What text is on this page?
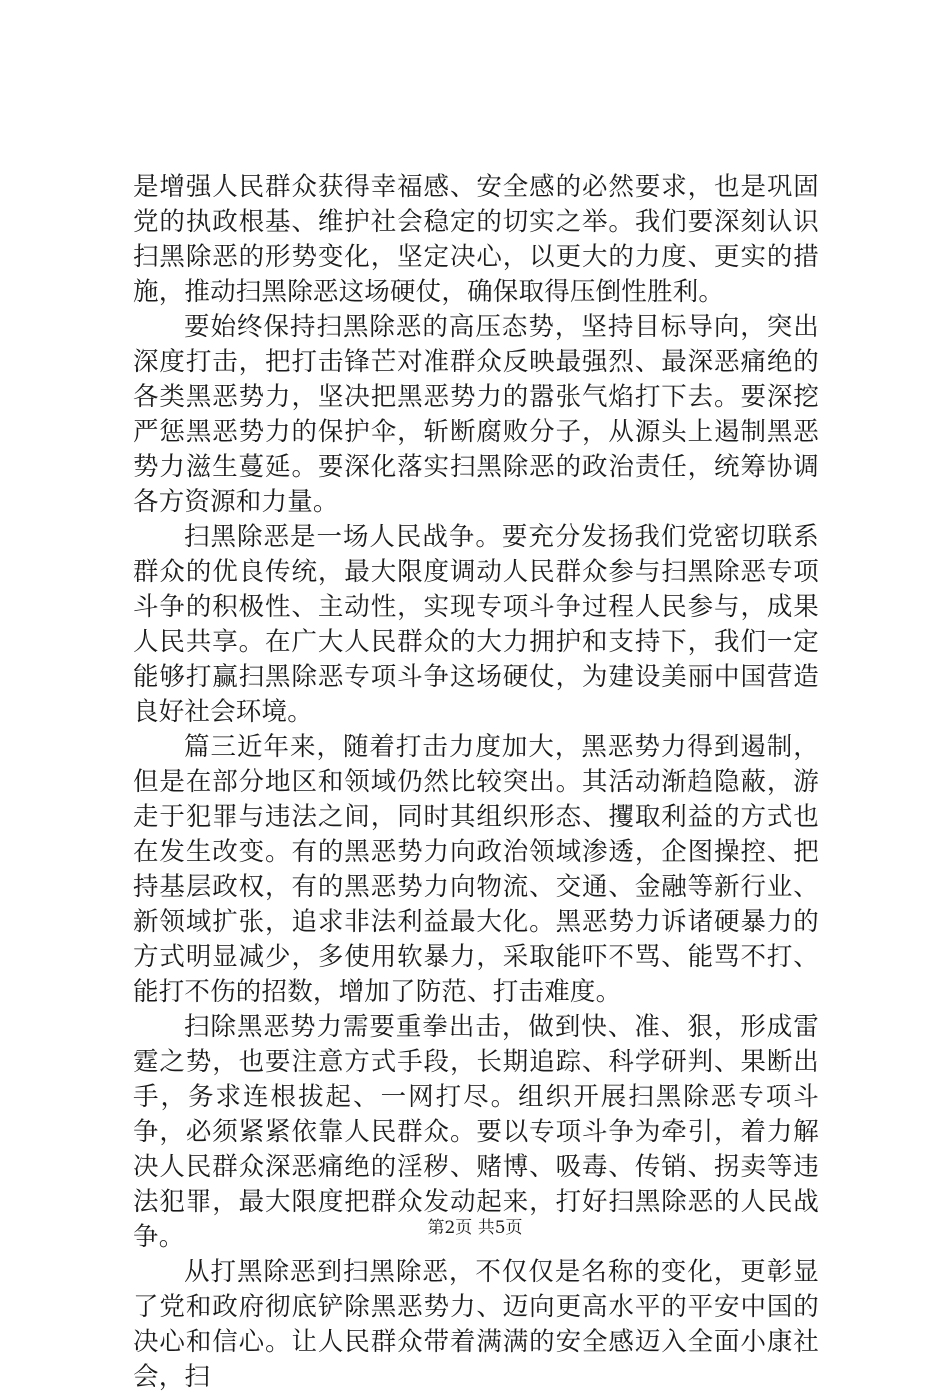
是增强人民群众获得幸福感、安全感的必然要求，也是巩固党的执政根基、维护社会稳定的切实之举。我们要深刻认识扫黑除恶的形势变化，坚定决心，以更大的力度、更实的措施，推动扫黑除恶这场硬仗，确保取得压倒性胜利。

要始终保持扫黑除恶的高压态势，坚持目标导向，突出深度打击，把打击锋芒对准群众反映最强烈、最深恶痛绝的各类黑恶势力，坚决把黑恶势力的嚣张气焰打下去。要深挖严惩黑恶势力的保护伞，斩断腐败分子，从源头上遏制黑恶势力滋生蔓延。要深化落实扫黑除恶的政治责任，统筹协调各方资源和力量。

扫黑除恶是一场人民战争。要充分发扬我们党密切联系群众的优良传统，最大限度调动人民群众参与扫黑除恶专项斗争的积极性、主动性，实现专项斗争过程人民参与，成果人民共享。在广大人民群众的大力拥护和支持下，我们一定能够打赢扫黑除恶专项斗争这场硬仗，为建设美丽中国营造良好社会环境。

篇三近年来，随着打击力度加大，黑恶势力得到遏制，但是在部分地区和领域仍然比较突出。其活动渐趋隐蔽，游走于犯罪与违法之间，同时其组织形态、攫取利益的方式也在发生改变。有的黑恶势力向政治领域渗透，企图操控、把持基层政权，有的黑恶势力向物流、交通、金融等新行业、新领域扩张，追求非法利益最大化。黑恶势力诉诸硬暴力的方式明显减少，多使用软暴力，采取能吓不骂、能骂不打、能打不伤的招数，增加了防范、打击难度。

扫除黑恶势力需要重拳出击，做到快、准、狠，形成雷霆之势，也要注意方式手段，长期追踪、科学研判、果断出手，务求连根拔起、一网打尽。组织开展扫黑除恶专项斗争，必须紧紧依靠人民群众。要以专项斗争为牵引，着力解决人民群众深恶痛绝的淫秽、赌博、吸毒、传销、拐卖等违法犯罪，最大限度把群众发动起来，打好扫黑除恶的人民战争。

从打黑除恶到扫黑除恶，不仅仅是名称的变化，更彰显了党和政府彻底铲除黑恶势力、迈向更高水平的平安中国的决心和信心。让人民群众带着满满的安全感迈入全面小康社会，扫

第2页 共5页
